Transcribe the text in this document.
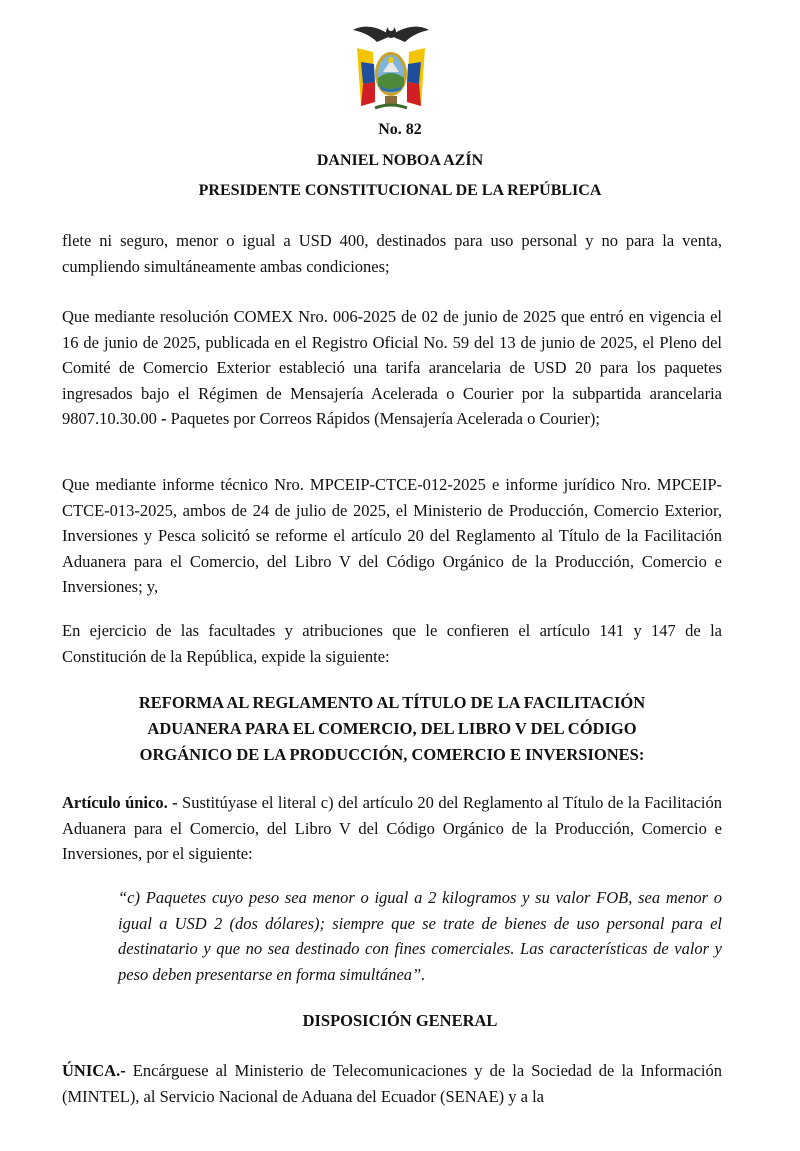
No. 82
DANIEL NOBOA AZÍN
PRESIDENTE CONSTITUCIONAL DE LA REPÚBLICA

flete ni seguro, menor o igual a USD 400, destinados para uso personal y no para la venta, cumpliendo simultáneamente ambas condiciones;

Que mediante resolución COMEX Nro. 006-2025 de 02 de junio de 2025 que entró en vigencia el 16 de junio de 2025, publicada en el Registro Oficial No. 59 del 13 de junio de 2025, el Pleno del Comité de Comercio Exterior estableció una tarifa arancelaria de USD 20 para los paquetes ingresados bajo el Régimen de Mensajería Acelerada o Courier por la subpartida arancelaria 9807.10.30.00 - Paquetes por Correos Rápidos (Mensajería Acelerada o Courier);

Que mediante informe técnico Nro. MPCEIP-CTCE-012-2025 e informe jurídico Nro. MPCEIP-CTCE-013-2025, ambos de 24 de julio de 2025, el Ministerio de Producción, Comercio Exterior, Inversiones y Pesca solicitó se reforme el artículo 20 del Reglamento al Título de la Facilitación Aduanera para el Comercio, del Libro V del Código Orgánico de la Producción, Comercio e Inversiones; y,

En ejercicio de las facultades y atribuciones que le confieren el artículo 141 y 147 de la Constitución de la República, expide la siguiente:

REFORMA AL REGLAMENTO AL TÍTULO DE LA FACILITACIÓN
ADUANERA PARA EL COMERCIO, DEL LIBRO V DEL CÓDIGO
ORGÁNICO DE LA PRODUCCIÓN, COMERCIO E INVERSIONES:

Artículo único. - Sustitúyase el literal c) del artículo 20 del Reglamento al Título de la Facilitación Aduanera para el Comercio, del Libro V del Código Orgánico de la Producción, Comercio e Inversiones, por el siguiente:

“c) Paquetes cuyo peso sea menor o igual a 2 kilogramos y su valor FOB, sea menor o igual a USD 2 (dos dólares); siempre que se trate de bienes de uso personal para el destinatario y que no sea destinado con fines comerciales. Las características de valor y peso deben presentarse en forma simultánea”.

DISPOSICIÓN GENERAL

ÚNICA.- Encárguese al Ministerio de Telecomunicaciones y de la Sociedad de la Información (MINTEL), al Servicio Nacional de Aduana del Ecuador (SENAE) y a la
